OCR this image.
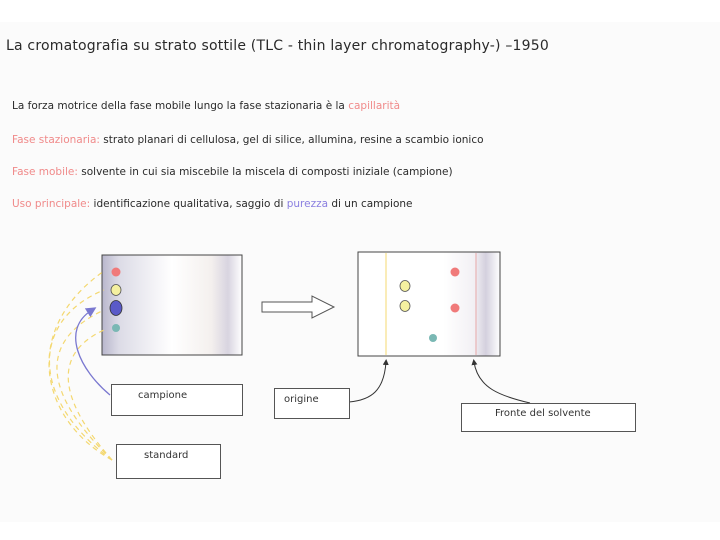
La cromatografia su strato sottile (TLC - thin layer chromatography-) –1950
La forza motrice della fase mobile lungo la fase stazionaria è la capillarità
Fase stazionaria: strato planari di cellulosa, gel di silice, allumina, resine a scambio ionico
Fase mobile: solvente in cui sia miscebile la miscela di composti iniziale (campione)
Uso principale: identificazione qualitativa, saggio di purezza di un campione
campione
standard
origine
Fronte del solvente
